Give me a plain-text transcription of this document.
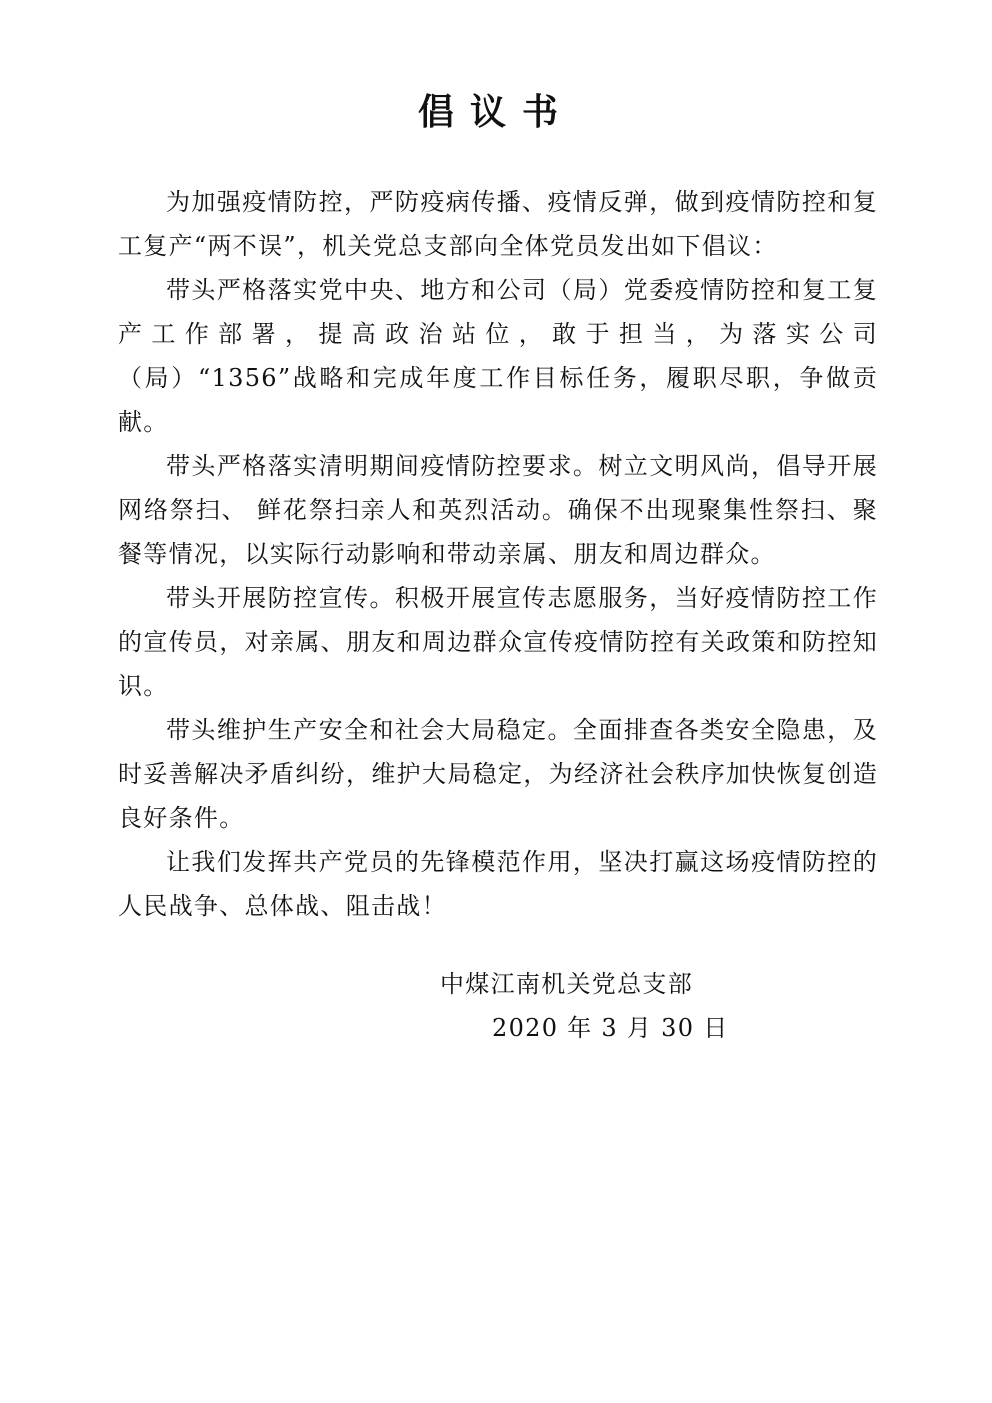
倡议书

为加强疫情防控，严防疫病传播、疫情反弹，做到疫情防控和复工复产“两不误”，机关党总支部向全体党员发出如下倡议：

带头严格落实党中央、地方和公司（局）党委疫情防控和复工复产工作部署，提高政治站位，敢于担当，为落实公司（局）“1356”战略和完成年度工作目标任务，履职尽职，争做贡献。

带头严格落实清明期间疫情防控要求。树立文明风尚，倡导开展网络祭扫、 鲜花祭扫亲人和英烈活动。确保不出现聚集性祭扫、聚餐等情况，以实际行动影响和带动亲属、朋友和周边群众。

带头开展防控宣传。积极开展宣传志愿服务，当好疫情防控工作的宣传员，对亲属、朋友和周边群众宣传疫情防控有关政策和防控知识。

带头维护生产安全和社会大局稳定。全面排查各类安全隐患，及时妥善解决矛盾纠纷，维护大局稳定，为经济社会秩序加快恢复创造良好条件。

让我们发挥共产党员的先锋模范作用，坚决打赢这场疫情防控的人民战争、总体战、阻击战！

中煤江南机关党总支部
2020 年 3 月 30 日
